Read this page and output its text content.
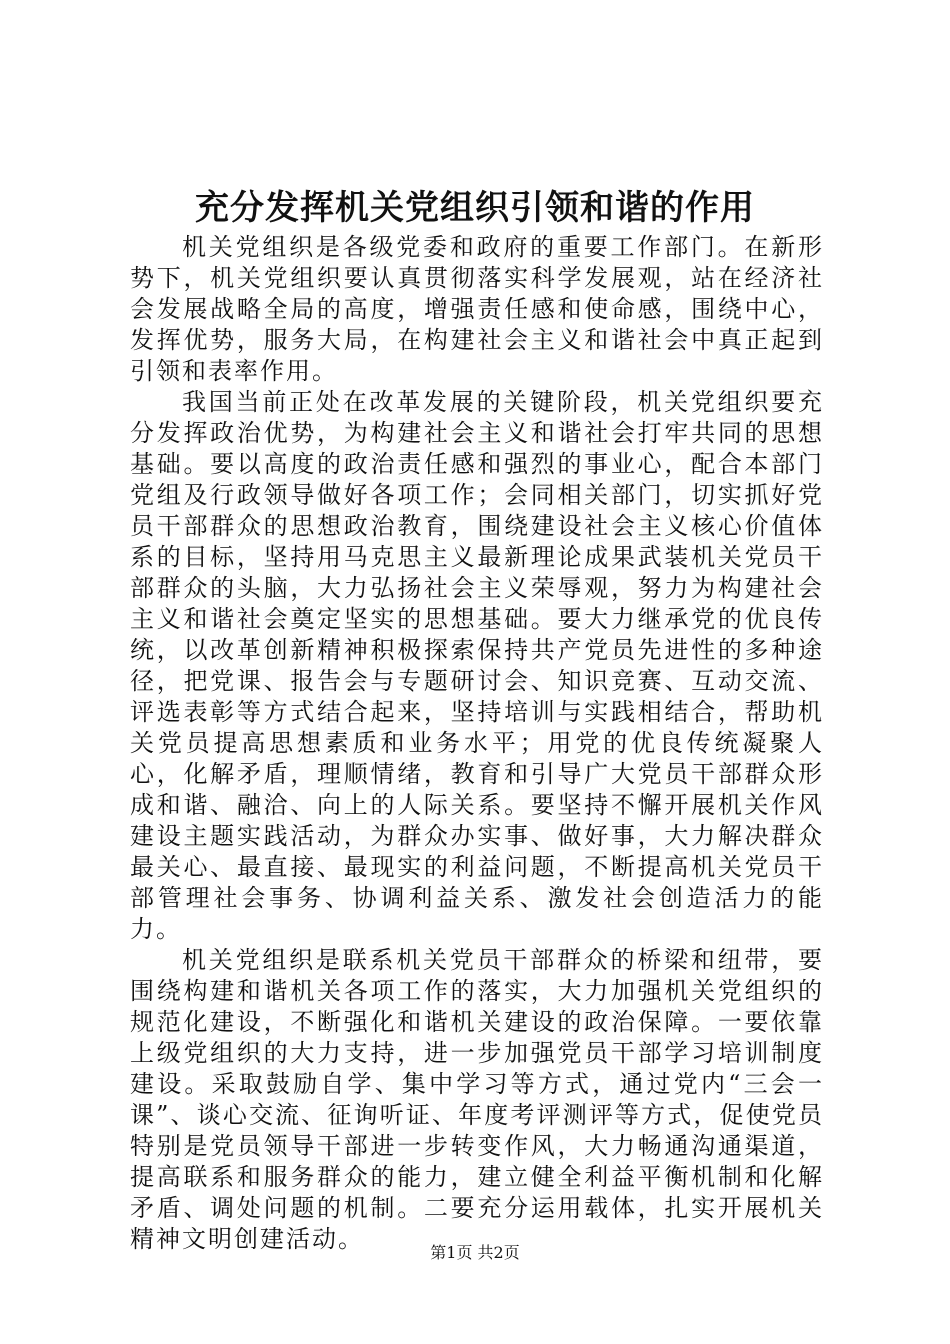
充分发挥机关党组织引领和谐的作用

机关党组织是各级党委和政府的重要工作部门。在新形势下，机关党组织要认真贯彻落实科学发展观，站在经济社会发展战略全局的高度，增强责任感和使命感，围绕中心，发挥优势，服务大局，在构建社会主义和谐社会中真正起到引领和表率作用。

我国当前正处在改革发展的关键阶段，机关党组织要充分发挥政治优势，为构建社会主义和谐社会打牢共同的思想基础。要以高度的政治责任感和强烈的事业心，配合本部门党组及行政领导做好各项工作；会同相关部门，切实抓好党员干部群众的思想政治教育，围绕建设社会主义核心价值体系的目标，坚持用马克思主义最新理论成果武装机关党员干部群众的头脑，大力弘扬社会主义荣辱观，努力为构建社会主义和谐社会奠定坚实的思想基础。要大力继承党的优良传统，以改革创新精神积极探索保持共产党员先进性的多种途径，把党课、报告会与专题研讨会、知识竞赛、互动交流、评选表彰等方式结合起来，坚持培训与实践相结合，帮助机关党员提高思想素质和业务水平；用党的优良传统凝聚人心，化解矛盾，理顺情绪，教育和引导广大党员干部群众形成和谐、融洽、向上的人际关系。要坚持不懈开展机关作风建设主题实践活动，为群众办实事、做好事，大力解决群众最关心、最直接、最现实的利益问题，不断提高机关党员干部管理社会事务、协调利益关系、激发社会创造活力的能力。

机关党组织是联系机关党员干部群众的桥梁和纽带，要围绕构建和谐机关各项工作的落实，大力加强机关党组织的规范化建设，不断强化和谐机关建设的政治保障。一要依靠上级党组织的大力支持，进一步加强党员干部学习培训制度建设。采取鼓励自学、集中学习等方式，通过党内“三会一课”、谈心交流、征询听证、年度考评测评等方式，促使党员特别是党员领导干部进一步转变作风，大力畅通沟通渠道，提高联系和服务群众的能力，建立健全利益平衡机制和化解矛盾、调处问题的机制。二要充分运用载体，扎实开展机关精神文明创建活动。	第1页 共2页
